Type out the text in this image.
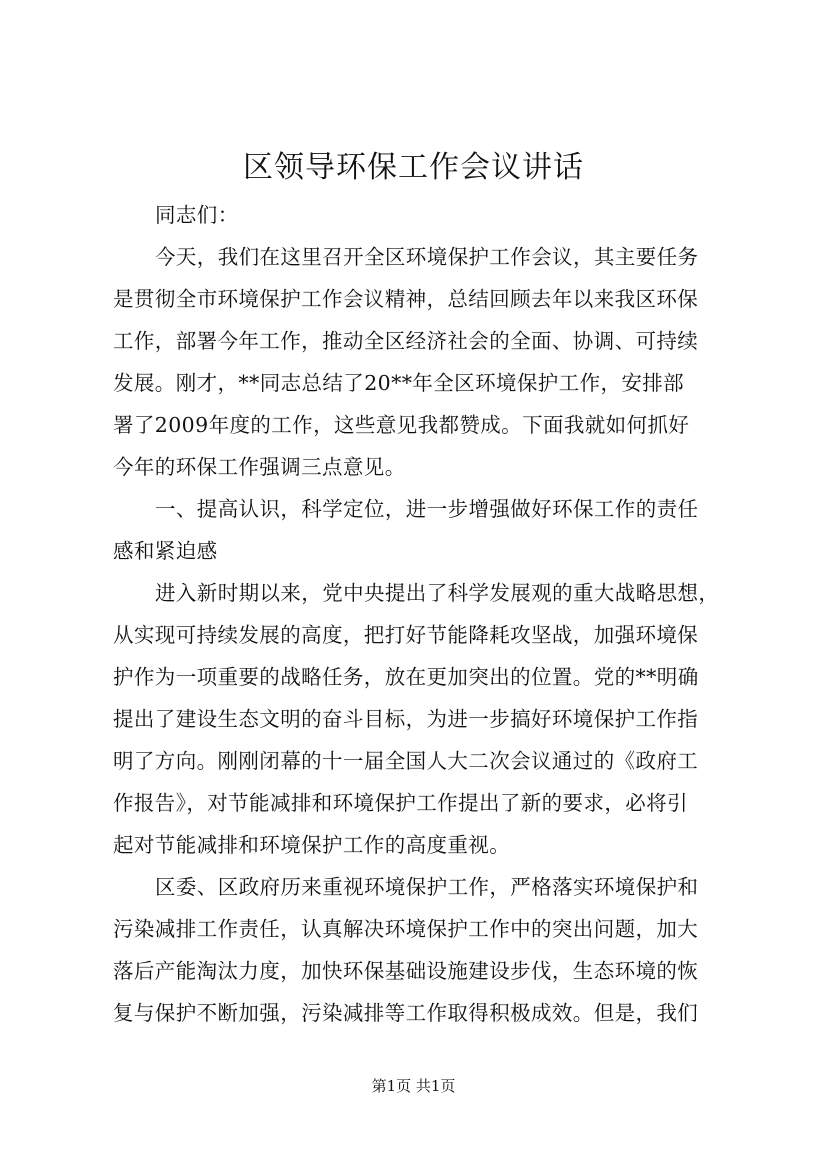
区领导环保工作会议讲话
同志们：
今天，我们在这里召开全区环境保护工作会议，其主要任务
是贯彻全市环境保护工作会议精神，总结回顾去年以来我区环保
工作，部署今年工作，推动全区经济社会的全面、协调、可持续
发展。刚才，**同志总结了20**年全区环境保护工作，安排部
署了2009年度的工作，这些意见我都赞成。下面我就如何抓好
今年的环保工作强调三点意见。
一、提高认识，科学定位，进一步增强做好环保工作的责任
感和紧迫感
进入新时期以来，党中央提出了科学发展观的重大战略思想，
从实现可持续发展的高度，把打好节能降耗攻坚战，加强环境保
护作为一项重要的战略任务，放在更加突出的位置。党的**明确
提出了建设生态文明的奋斗目标，为进一步搞好环境保护工作指
明了方向。刚刚闭幕的十一届全国人大二次会议通过的《政府工
作报告》，对节能减排和环境保护工作提出了新的要求，必将引
起对节能减排和环境保护工作的高度重视。
区委、区政府历来重视环境保护工作，严格落实环境保护和
污染减排工作责任，认真解决环境保护工作中的突出问题，加大
落后产能淘汰力度，加快环保基础设施建设步伐，生态环境的恢
复与保护不断加强，污染减排等工作取得积极成效。但是，我们
第1页 共1页
